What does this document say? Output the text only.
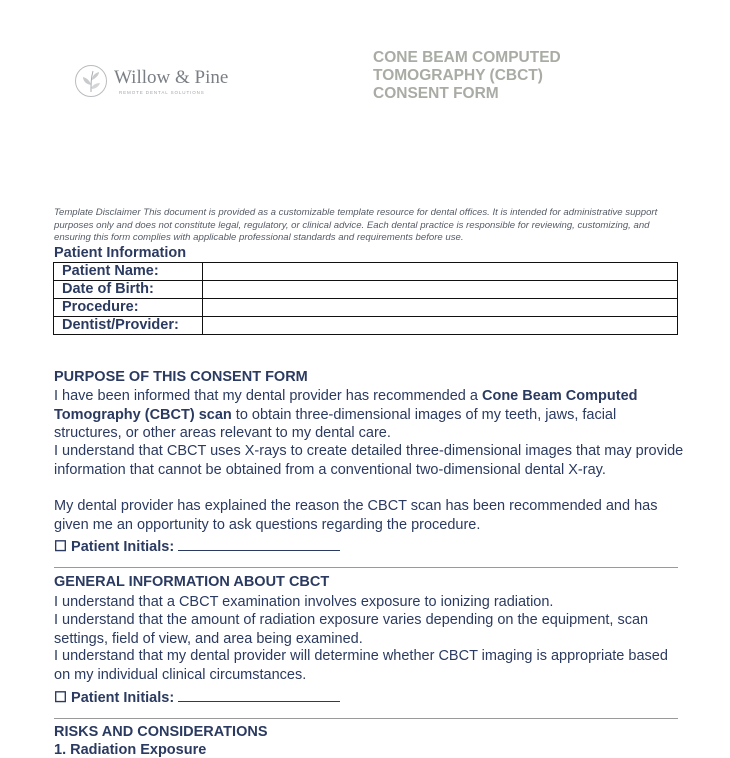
Willow & Pine
REMOTE DENTAL SOLUTIONS
CONE BEAM COMPUTED TOMOGRAPHY (CBCT) CONSENT FORM
Template Disclaimer This document is provided as a customizable template resource for dental offices. It is intended for administrative support purposes only and does not constitute legal, regulatory, or clinical advice. Each dental practice is responsible for reviewing, customizing, and ensuring this form complies with applicable professional standards and requirements before use.
Patient Information
Patient Name:	
Date of Birth:	
Procedure:	
Dentist/Provider:	
PURPOSE OF THIS CONSENT FORM
I have been informed that my dental provider has recommended a Cone Beam Computed Tomography (CBCT) scan to obtain three-dimensional images of my teeth, jaws, facial structures, or other areas relevant to my dental care.
I understand that CBCT uses X-rays to create detailed three-dimensional images that may provide information that cannot be obtained from a conventional two-dimensional dental X-ray.
My dental provider has explained the reason the CBCT scan has been recommended and has given me an opportunity to ask questions regarding the procedure.
☐ Patient Initials:
GENERAL INFORMATION ABOUT CBCT
I understand that a CBCT examination involves exposure to ionizing radiation.
I understand that the amount of radiation exposure varies depending on the equipment, scan settings, field of view, and area being examined.
I understand that my dental provider will determine whether CBCT imaging is appropriate based on my individual clinical circumstances.
☐ Patient Initials:
RISKS AND CONSIDERATIONS
1. Radiation Exposure
